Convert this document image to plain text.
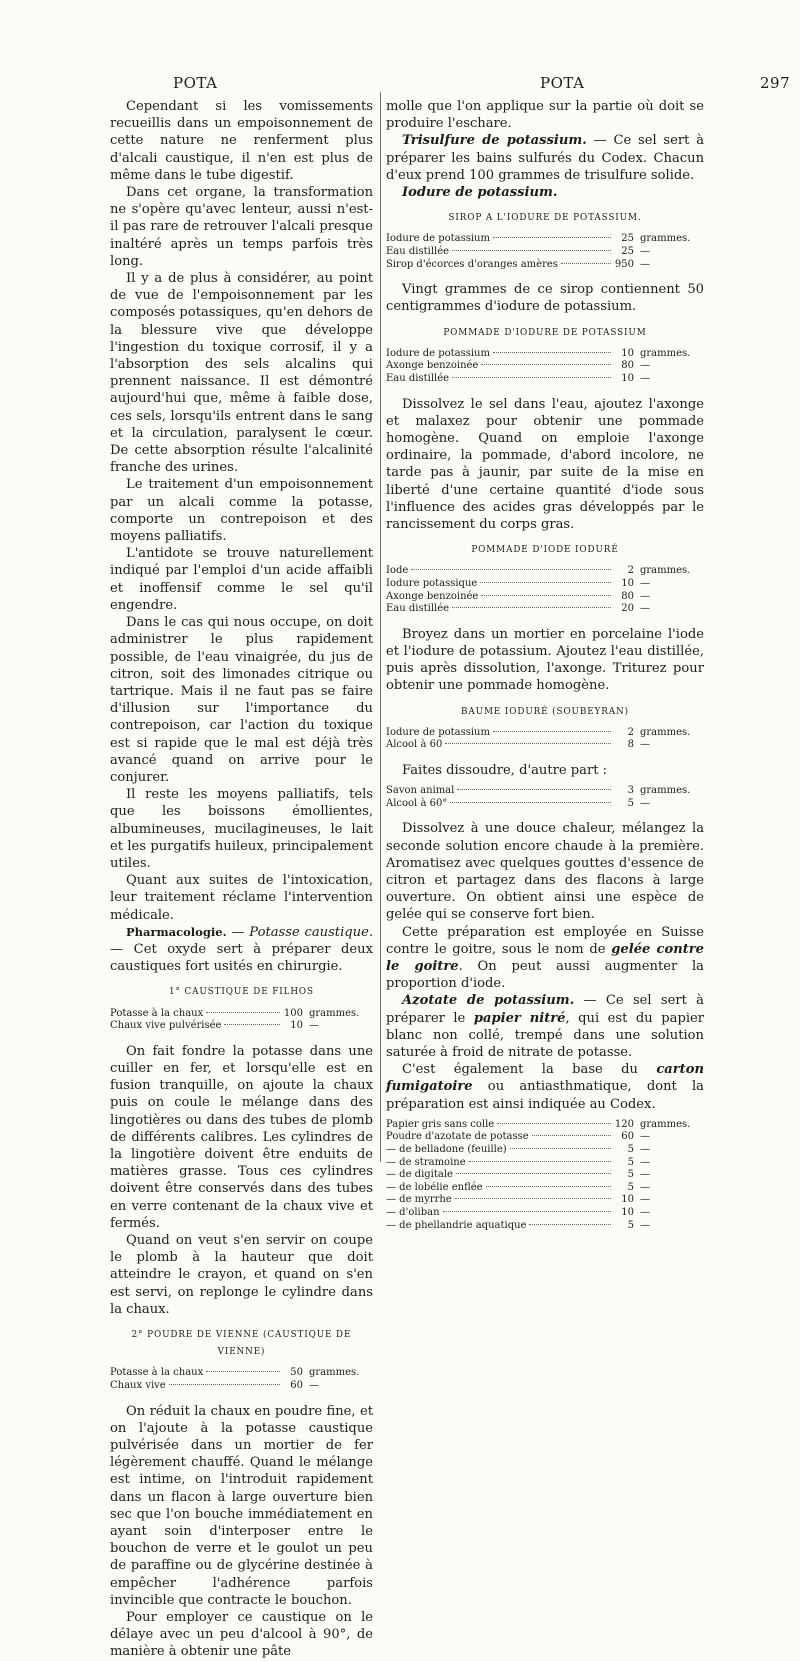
POTA	POTA	297

Cependant si les vomissements recueillis dans un empoisonnement de cette nature ne renferment plus d'alcali caustique, il n'en est plus de même dans le tube digestif.

Dans cet organe, la transformation ne s'opère qu'avec lenteur, aussi n'est-il pas rare de retrouver l'alcali presque inaltéré après un temps parfois très long.

Il y a de plus à considérer, au point de vue de l'empoisonnement par les composés potassiques, qu'en dehors de la blessure vive que développe l'ingestion du toxique corrosif, il y a l'absorption des sels alcalins qui prennent naissance. Il est démontré aujourd'hui que, même à faible dose, ces sels, lorsqu'ils entrent dans le sang et la circulation, paralysent le cœur. De cette absorption résulte l'alcalinité franche des urines.

Le traitement d'un empoisonnement par un alcali comme la potasse, comporte un contrepoison et des moyens palliatifs.

L'antidote se trouve naturellement indiqué par l'emploi d'un acide affaibli et inoffensif comme le sel qu'il engendre.

Dans le cas qui nous occupe, on doit administrer le plus rapidement possible, de l'eau vinaigrée, du jus de citron, soit des limonades citrique ou tartrique. Mais il ne faut pas se faire d'illusion sur l'importance du contrepoison, car l'action du toxique est si rapide que le mal est déjà très avancé quand on arrive pour le conjurer.

Il reste les moyens palliatifs, tels que les boissons émollientes, albumineuses, mucilagineuses, le lait et les purgatifs huileux, principalement utiles.

Quant aux suites de l'intoxication, leur traitement réclame l'intervention médicale.

Pharmacologie. — Potasse caustique. — Cet oxyde sert à préparer deux caustiques fort usités en chirurgie.

1° CAUSTIQUE DE FILHOS
Potasse à la chaux	100 grammes.
Chaux vive pulvérisée	10 —

On fait fondre la potasse dans une cuiller en fer, et lorsqu'elle est en fusion tranquille, on ajoute la chaux puis on coule le mélange dans des lingotières ou dans des tubes de plomb de différents calibres. Les cylindres de la lingotière doivent être enduits de matières grasse. Tous ces cylindres doivent être conservés dans des tubes en verre contenant de la chaux vive et fermés.

Quand on veut s'en servir on coupe le plomb à la hauteur que doit atteindre le crayon, et quand on s'en est servi, on replonge le cylindre dans la chaux.

2° POUDRE DE VIENNE (CAUSTIQUE DE VIENNE)
Potasse à la chaux	50 grammes.
Chaux vive	60 —

On réduit la chaux en poudre fine, et on l'ajoute à la potasse caustique pulvérisée dans un mortier de fer légèrement chauffé. Quand le mélange est intime, on l'introduit rapidement dans un flacon à large ouverture bien sec que l'on bouche immédiatement en ayant soin d'interposer entre le bouchon de verre et le goulot un peu de paraffine ou de glycérine destinée à empêcher l'adhérence parfois invincible que contracte le bouchon.

Pour employer ce caustique on le délaye avec un peu d'alcool à 90°, de manière à obtenir une pâte

molle que l'on applique sur la partie où doit se produire l'eschare.

Trisulfure de potassium. — Ce sel sert à préparer les bains sulfurés du Codex. Chacun d'eux prend 100 grammes de trisulfure solide.

Iodure de potassium.

SIROP A L'IODURE DE POTASSIUM.
Iodure de potassium	25 grammes.
Eau distillée	25 —
Sirop d'écorces d'oranges amères	950 —

Vingt grammes de ce sirop contiennent 50 centigrammes d'iodure de potassium.

POMMADE D'IODURE DE POTASSIUM
Iodure de potassium	10 grammes.
Axonge benzoinée	80 —
Eau distillée	10 —

Dissolvez le sel dans l'eau, ajoutez l'axonge et malaxez pour obtenir une pommade homogène. Quand on emploie l'axonge ordinaire, la pommade, d'abord incolore, ne tarde pas à jaunir, par suite de la mise en liberté d'une certaine quantité d'iode sous l'influence des acides gras développés par le rancissement du corps gras.

POMMADE D'IODE IODURÉ
Iode	2 grammes.
Iodure potassique	10 —
Axonge benzoinée	80 —
Eau distillée	20 —

Broyez dans un mortier en porcelaine l'iode et l'iodure de potassium. Ajoutez l'eau distillée, puis après dissolution, l'axonge. Triturez pour obtenir une pommade homogène.

BAUME IODURÉ (SOUBEYRAN)
Iodure de potassium	2 grammes.
Alcool à 60	8 —

Faites dissoudre, d'autre part :

Savon animal	3 grammes.
Alcool à 60°	5 —

Dissolvez à une douce chaleur, mélangez la seconde solution encore chaude à la première. Aromatisez avec quelques gouttes d'essence de citron et partagez dans des flacons à large ouverture. On obtient ainsi une espèce de gelée qui se conserve fort bien.

Cette préparation est employée en Suisse contre le goitre, sous le nom de gelée contre le goitre. On peut aussi augmenter la proportion d'iode.

Azotate de potassium. — Ce sel sert à préparer le papier nitré, qui est du papier blanc non collé, trempé dans une solution saturée à froid de nitrate de potasse.

C'est également la base du carton fumigatoire ou antiasthmatique, dont la préparation est ainsi indiquée au Codex.

Papier gris sans colle	120 grammes.
Poudre d'azotate de potasse	60 —
— de belladone (feuille)	5 —
— de stramoine	5 —
— de digitale	5 —
— de lobélie enflée	5 —
— de myrrhe	10 —
— d'oliban	10 —
— de phellandrie aquatique	5 —
